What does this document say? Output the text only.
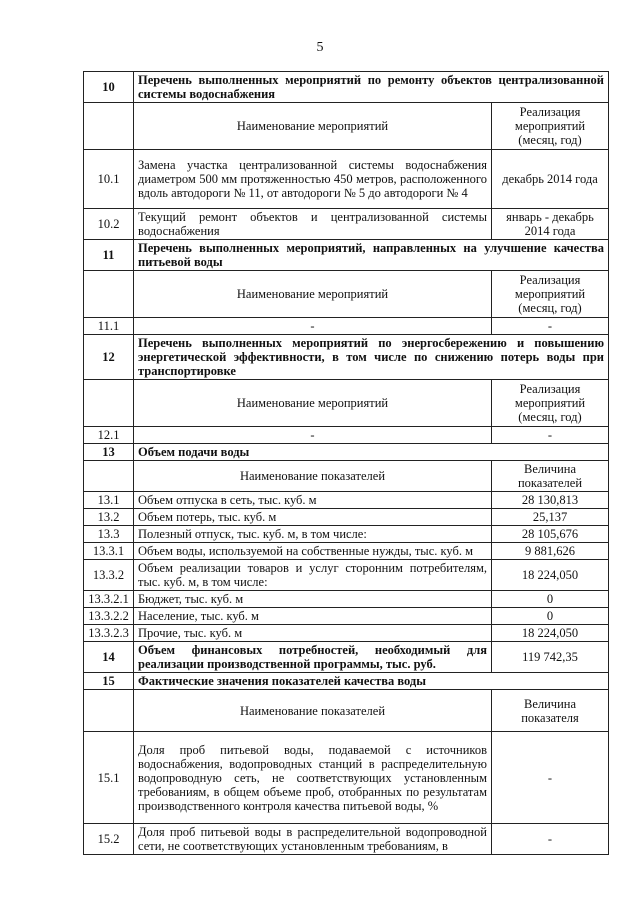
5
10	Перечень выполненных мероприятий по ремонту объектов централизованной системы водоснабжения	
	Наименование мероприятий	Реализация мероприятий (месяц, год)
10.1	Замена участка централизованной системы водоснабжения диаметром 500 мм протяженностью 450 метров, расположенного вдоль автодороги № 11, от автодороги № 5 до автодороги № 4	декабрь 2014 года
10.2	Текущий ремонт объектов и централизованной системы водоснабжения	январь - декабрь 2014 года
11	Перечень выполненных мероприятий, направленных на улучшение качества питьевой воды	
	Наименование мероприятий	Реализация мероприятий (месяц, год)
11.1	-	-
12	Перечень выполненных мероприятий по энергосбережению и повышению энергетической эффективности, в том числе по снижению потерь воды при транспортировке	
	Наименование мероприятий	Реализация мероприятий (месяц, год)
12.1	-	-
13	Объем подачи воды	
	Наименование показателей	Величина показателей
13.1	Объем отпуска в сеть, тыс. куб. м	28 130,813
13.2	Объем потерь, тыс. куб. м	25,137
13.3	Полезный отпуск, тыс. куб. м, в том числе:	28 105,676
13.3.1	Объем воды, используемой на собственные нужды, тыс. куб. м	9 881,626
13.3.2	Объем реализации товаров и услуг сторонним потребителям, тыс. куб. м, в том числе:	18 224,050
13.3.2.1	Бюджет, тыс. куб. м	0
13.3.2.2	Население, тыс. куб. м	0
13.3.2.3	Прочие, тыс. куб. м	18 224,050
14	Объем финансовых потребностей, необходимый для реализации производственной программы, тыс. руб.	119 742,35
15	Фактические значения показателей качества воды	
	Наименование показателей	Величина показателя
15.1	Доля проб питьевой воды, подаваемой с источников водоснабжения, водопроводных станций в распределительную водопроводную сеть, не соответствующих установленным требованиям, в общем объеме проб, отобранных по результатам производственного контроля качества питьевой воды, %	-
15.2	Доля проб питьевой воды в распределительной водопроводной сети, не соответствующих установленным требованиям, в	-
